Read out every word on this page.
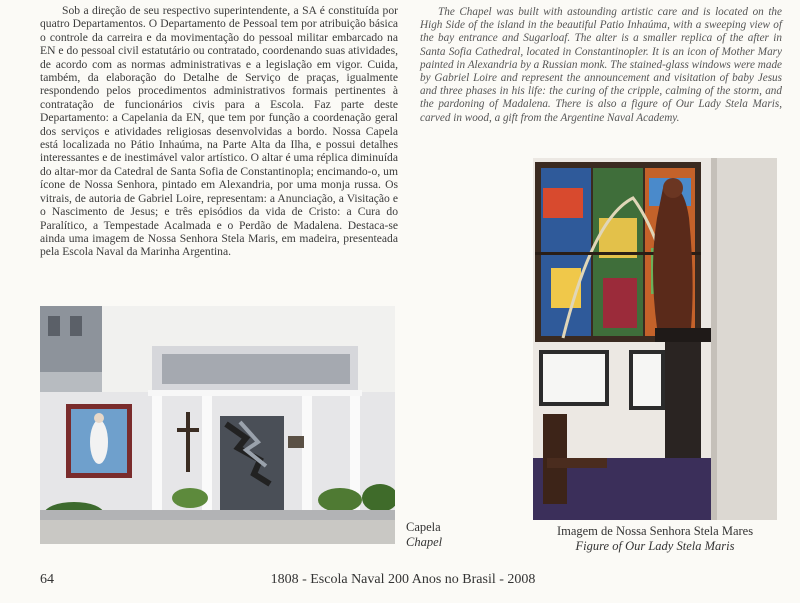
Sob a direção de seu respectivo superintendente, a SA é constituída por quatro Departamentos. O Departamento de Pessoal tem por atribuição básica o controle da carreira e da movimentação do pessoal militar embarcado na EN e do pessoal civil estatutário ou contratado, coordenando suas atividades, de acordo com as normas administrativas e a legislação em vigor. Cuida, também, da elaboração do Detalhe de Serviço de praças, igualmente respondendo pelos procedimentos administrativos formais pertinentes à contratação de funcionários civis para a Escola. Faz parte deste Departamento: a Capelania da EN, que tem por função a coordenação geral dos serviços e atividades religiosas desenvolvidas a bordo. Nossa Capela está localizada no Pátio Inhaúma, na Parte Alta da Ilha, e possui detalhes interessantes e de inestimável valor artístico. O altar é uma réplica diminuída do altar-mor da Catedral de Santa Sofia de Constantinopla; encimando-o, um ícone de Nossa Senhora, pintado em Alexandria, por uma monja russa. Os vitrais, de autoria de Gabriel Loire, representam: a Anunciação, a Visitação e o Nascimento de Jesus; e três episódios da vida de Cristo: a Cura do Paralítico, a Tempestade Acalmada e o Perdão de Madalena. Destaca-se ainda uma imagem de Nossa Senhora Stela Maris, em madeira, presenteada pela Escola Naval da Marinha Argentina.

The Chapel was built with astounding artistic care and is located on the High Side of the island in the beautiful Patio Inhaúma, with a sweeping view of the bay entrance and Sugarloaf. The alter is a smaller replica of the after in Santa Sofia Cathedral, located in Constantinopler. It is an icon of Mother Mary painted in Alexandria by a Russian monk. The stained-glass windows were made by Gabriel Loire and represent the announcement and visitation of baby Jesus and three phases in his life: the curing of the cripple, calming of the storm, and the pardoning of Madalena. There is also a figure of Our Lady Stela Maris, carved in wood, a gift from the Argentine Naval Academy.

Capela
Chapel
Imagem de Nossa Senhora Stela Mares
Figure of Our Lady Stela Maris
64	1808 - Escola Naval 200 Anos no Brasil - 2008
